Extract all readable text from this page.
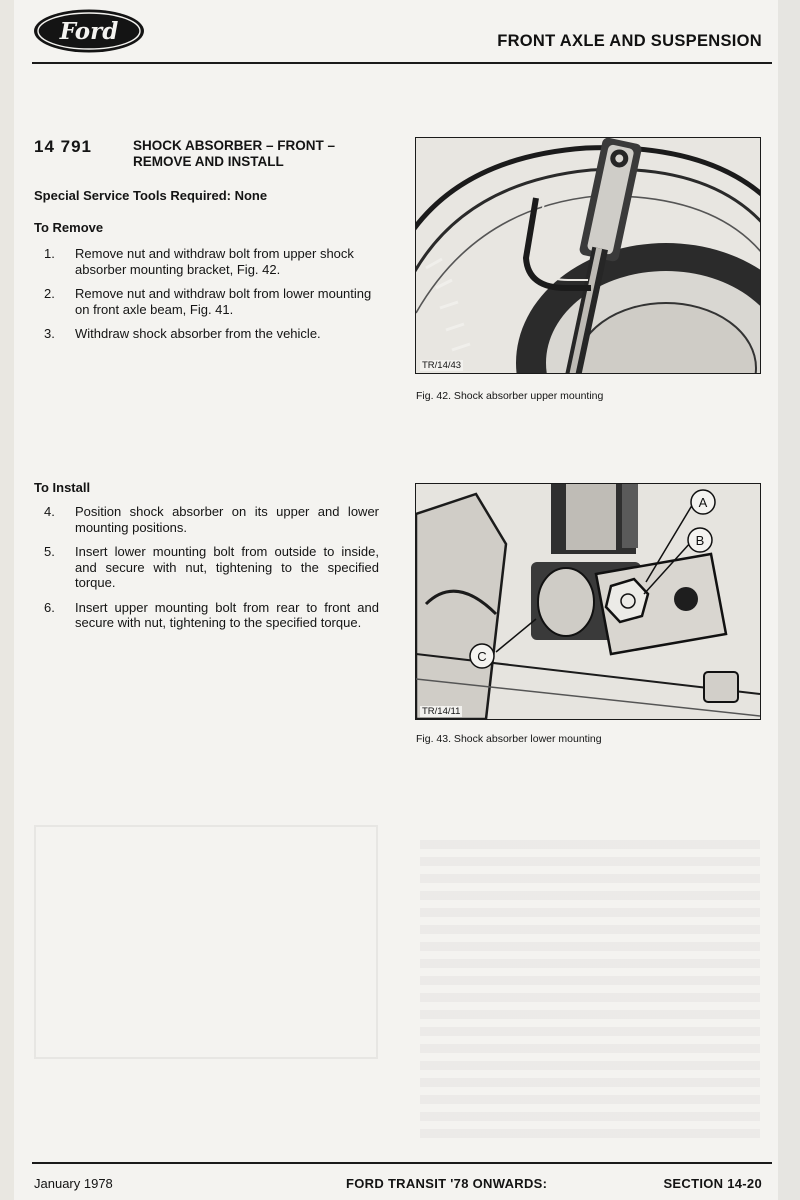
Ford	FRONT AXLE AND SUSPENSION
14 791	SHOCK ABSORBER – FRONT –
REMOVE AND INSTALL
Special Service Tools Required: None
To Remove
1. Remove nut and withdraw bolt from upper shock absorber mounting bracket, Fig. 42.
2. Remove nut and withdraw bolt from lower mounting on front axle beam, Fig. 41.
3. Withdraw shock absorber from the vehicle.
To Install
4. Position shock absorber on its upper and lower mounting positions.
5. Insert lower mounting bolt from outside to inside, and secure with nut, tightening to the specified torque.
6. Insert upper mounting bolt from rear to front and secure with nut, tightening to the specified torque.
TR/14/43
Fig. 42. Shock absorber upper mounting
A
B
C
TR/14/11
Fig. 43. Shock absorber lower mounting
January 1978	FORD TRANSIT '78 ONWARDS:	SECTION 14-20
